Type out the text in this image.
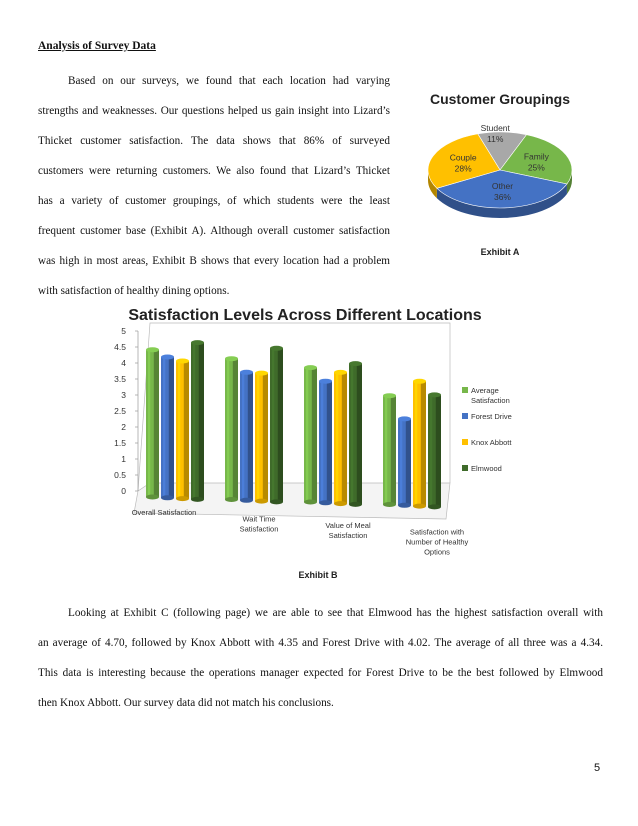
Analysis of Survey Data
Based on our surveys, we found that each location had varying
strengths and weaknesses. Our questions helped us gain insight into Lizard’s
Thicket customer satisfaction. The data shows that 86% of surveyed
customers were returning customers. We also found that Lizard’s Thicket
has a variety of customer groupings, of which students were the least
frequent customer base (Exhibit A). Although overall customer satisfaction
was high in most areas, Exhibit B shows that every location had a problem
with satisfaction of healthy dining options.
Customer Groupings
Student
11%
Family
25%
Other
36%
Couple
28%
Exhibit A
Satisfaction Levels Across Different Locations
0
0.5
1
1.5
2
2.5
3
3.5
4
4.5
5
Overall Satisfaction
Wait Time
Satisfaction	Value of Meal
Satisfaction	Satisfaction with
Number of Healthy
Options
Average
Satisfaction
Forest Drive
Knox Abbott
Elmwood
Exhibit B
Looking at Exhibit C (following page) we are able to see that Elmwood has the highest satisfaction overall with
an average of 4.70, followed by Knox Abbott with 4.35 and Forest Drive with 4.02. The average of all three was a 4.34.
This data is interesting because the operations manager expected for Forest Drive to be the best followed by Elmwood
then Knox Abbott. Our survey data did not match his conclusions.
5
